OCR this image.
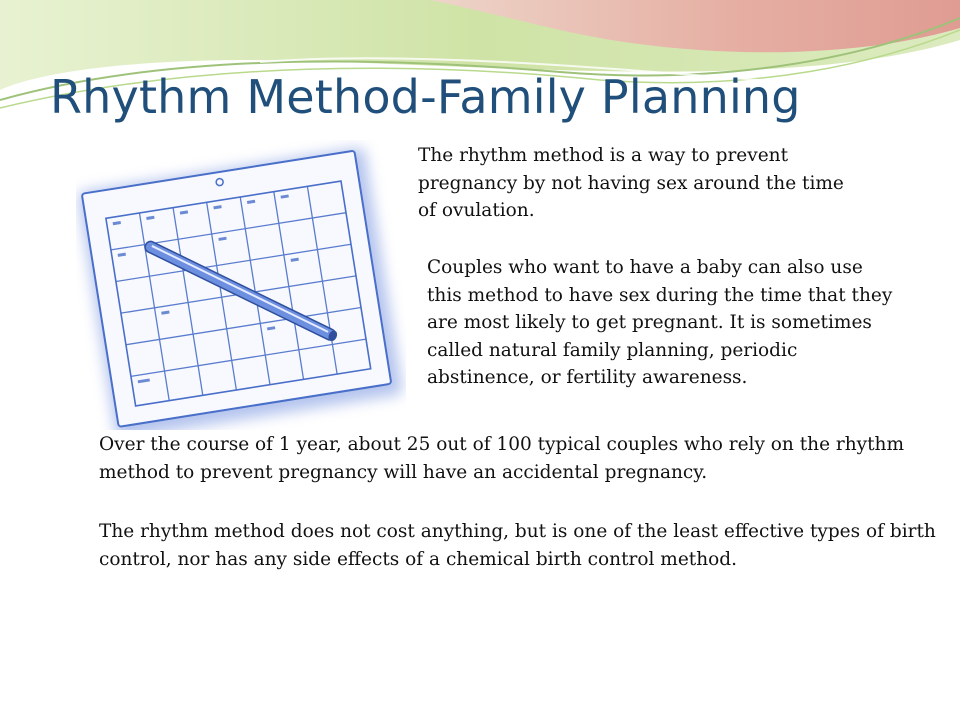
Rhythm Method-Family Planning

The rhythm method is a way to prevent pregnancy by not having sex around the time of ovulation.

Couples who want to have a baby can also use this method to have sex during the time that they are most likely to get pregnant. It is sometimes called natural family planning, periodic abstinence, or fertility awareness.

Over the course of 1 year, about 25 out of 100 typical couples who rely on the rhythm method to prevent pregnancy will have an accidental pregnancy.

The rhythm method does not cost anything, but is one of the least effective types of birth control, nor has any side effects of a chemical birth control method.
